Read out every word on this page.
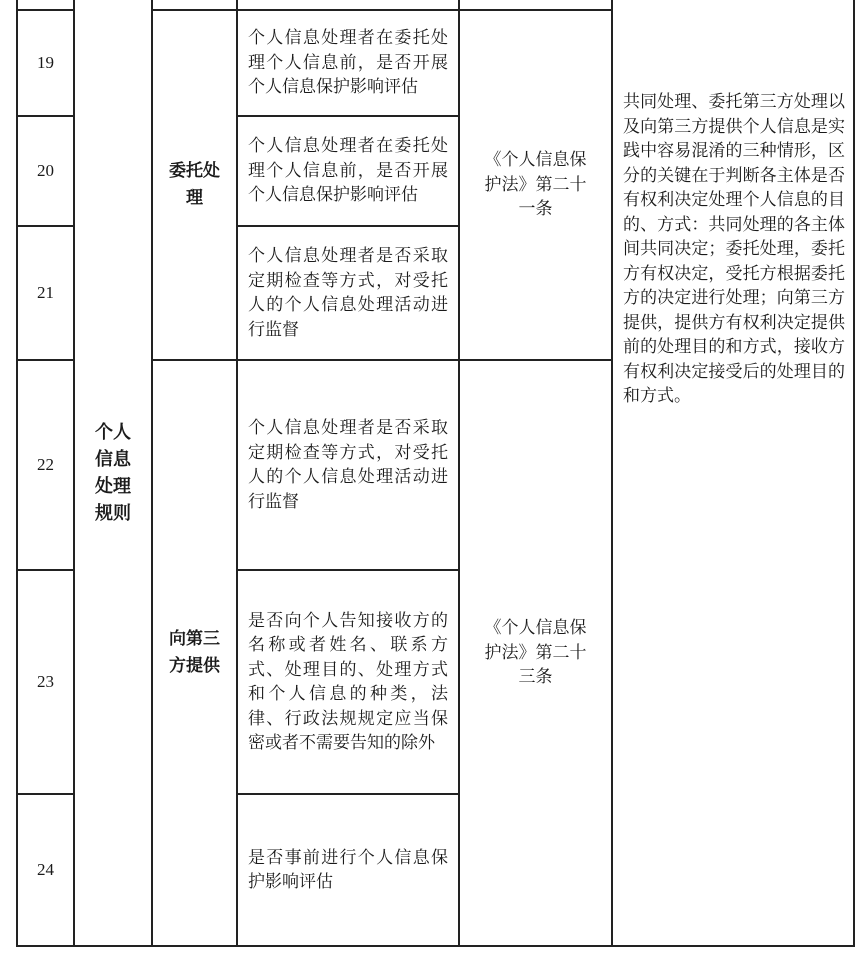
	个人信息处理规则				共同处理、委托第三方处理以及向第三方提供个人信息是实践中容易混淆的三种情形，区分的关键在于判断各主体是否有权利决定处理个人信息的目的、方式：共同处理的各主体间共同决定；委托处理，委托方有权决定，受托方根据委托方的决定进行处理；向第三方提供，提供方有权利决定提供前的处理目的和方式，接收方有权利决定接受后的处理目的和方式。

19		委托处理	个人信息处理者在委托处理个人信息前，是否开展个人信息保护影响评估	《个人信息保护法》第二十一条	

20			个人信息处理者在委托处理个人信息前，是否开展个人信息保护影响评估		
21			个人信息处理者是否采取定期检查等方式，对受托人的个人信息处理活动进行监督		
22		向第三方提供	个人信息处理者是否采取定期检查等方式，对受托人的个人信息处理活动进行监督	《个人信息保护法》第二十三条	

23			是否向个人告知接收方的名称或者姓名、联系方式、处理目的、处理方式和个人信息的种类，法律、行政法规规定应当保密或者不需要告知的除外		
24			是否事前进行个人信息保护影响评估		
